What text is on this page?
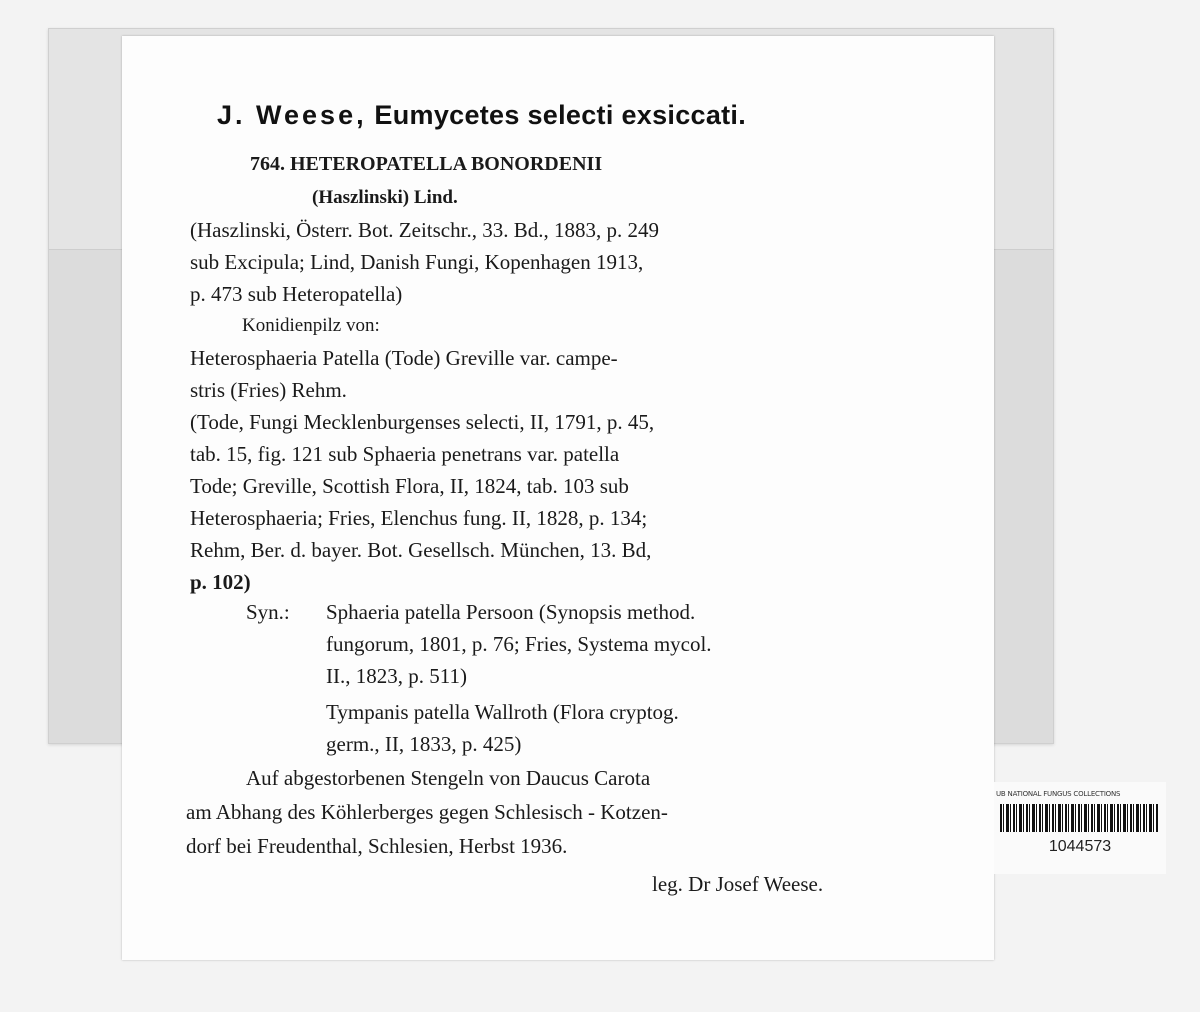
J. Weese, Eumycetes selecti exsiccati.
764. HETEROPATELLA BONORDENII
(Haszlinski) Lind.
(Haszlinski, Österr. Bot. Zeitschr., 33. Bd., 1883, p. 249
sub Excipula; Lind, Danish Fungi, Kopenhagen 1913,
p. 473 sub Heteropatella)
Konidienpilz von:
Heterosphaeria Patella (Tode) Greville var. campe-
stris (Fries) Rehm.
(Tode, Fungi Mecklenburgenses selecti, II, 1791, p. 45,
tab. 15, fig. 121 sub Sphaeria penetrans var. patella
Tode; Greville, Scottish Flora, II, 1824, tab. 103 sub
Heterosphaeria; Fries, Elenchus fung. II, 1828, p. 134;
Rehm, Ber. d. bayer. Bot. Gesellsch. München, 13. Bd,
p. 102)
Syn.: Sphaeria patella Persoon (Synopsis method.
fungorum, 1801, p. 76; Fries, Systema mycol.
II., 1823, p. 511)
Tympanis patella Wallroth (Flora cryptog.
germ., II, 1833, p. 425)
Auf abgestorbenen Stengeln von Daucus Carota
am Abhang des Köhlerberges gegen Schlesisch - Kotzen-
dorf bei Freudenthal, Schlesien, Herbst 1936.
leg. Dr Josef Weese.
UB NATIONAL FUNGUS COLLECTIONS
1044573
